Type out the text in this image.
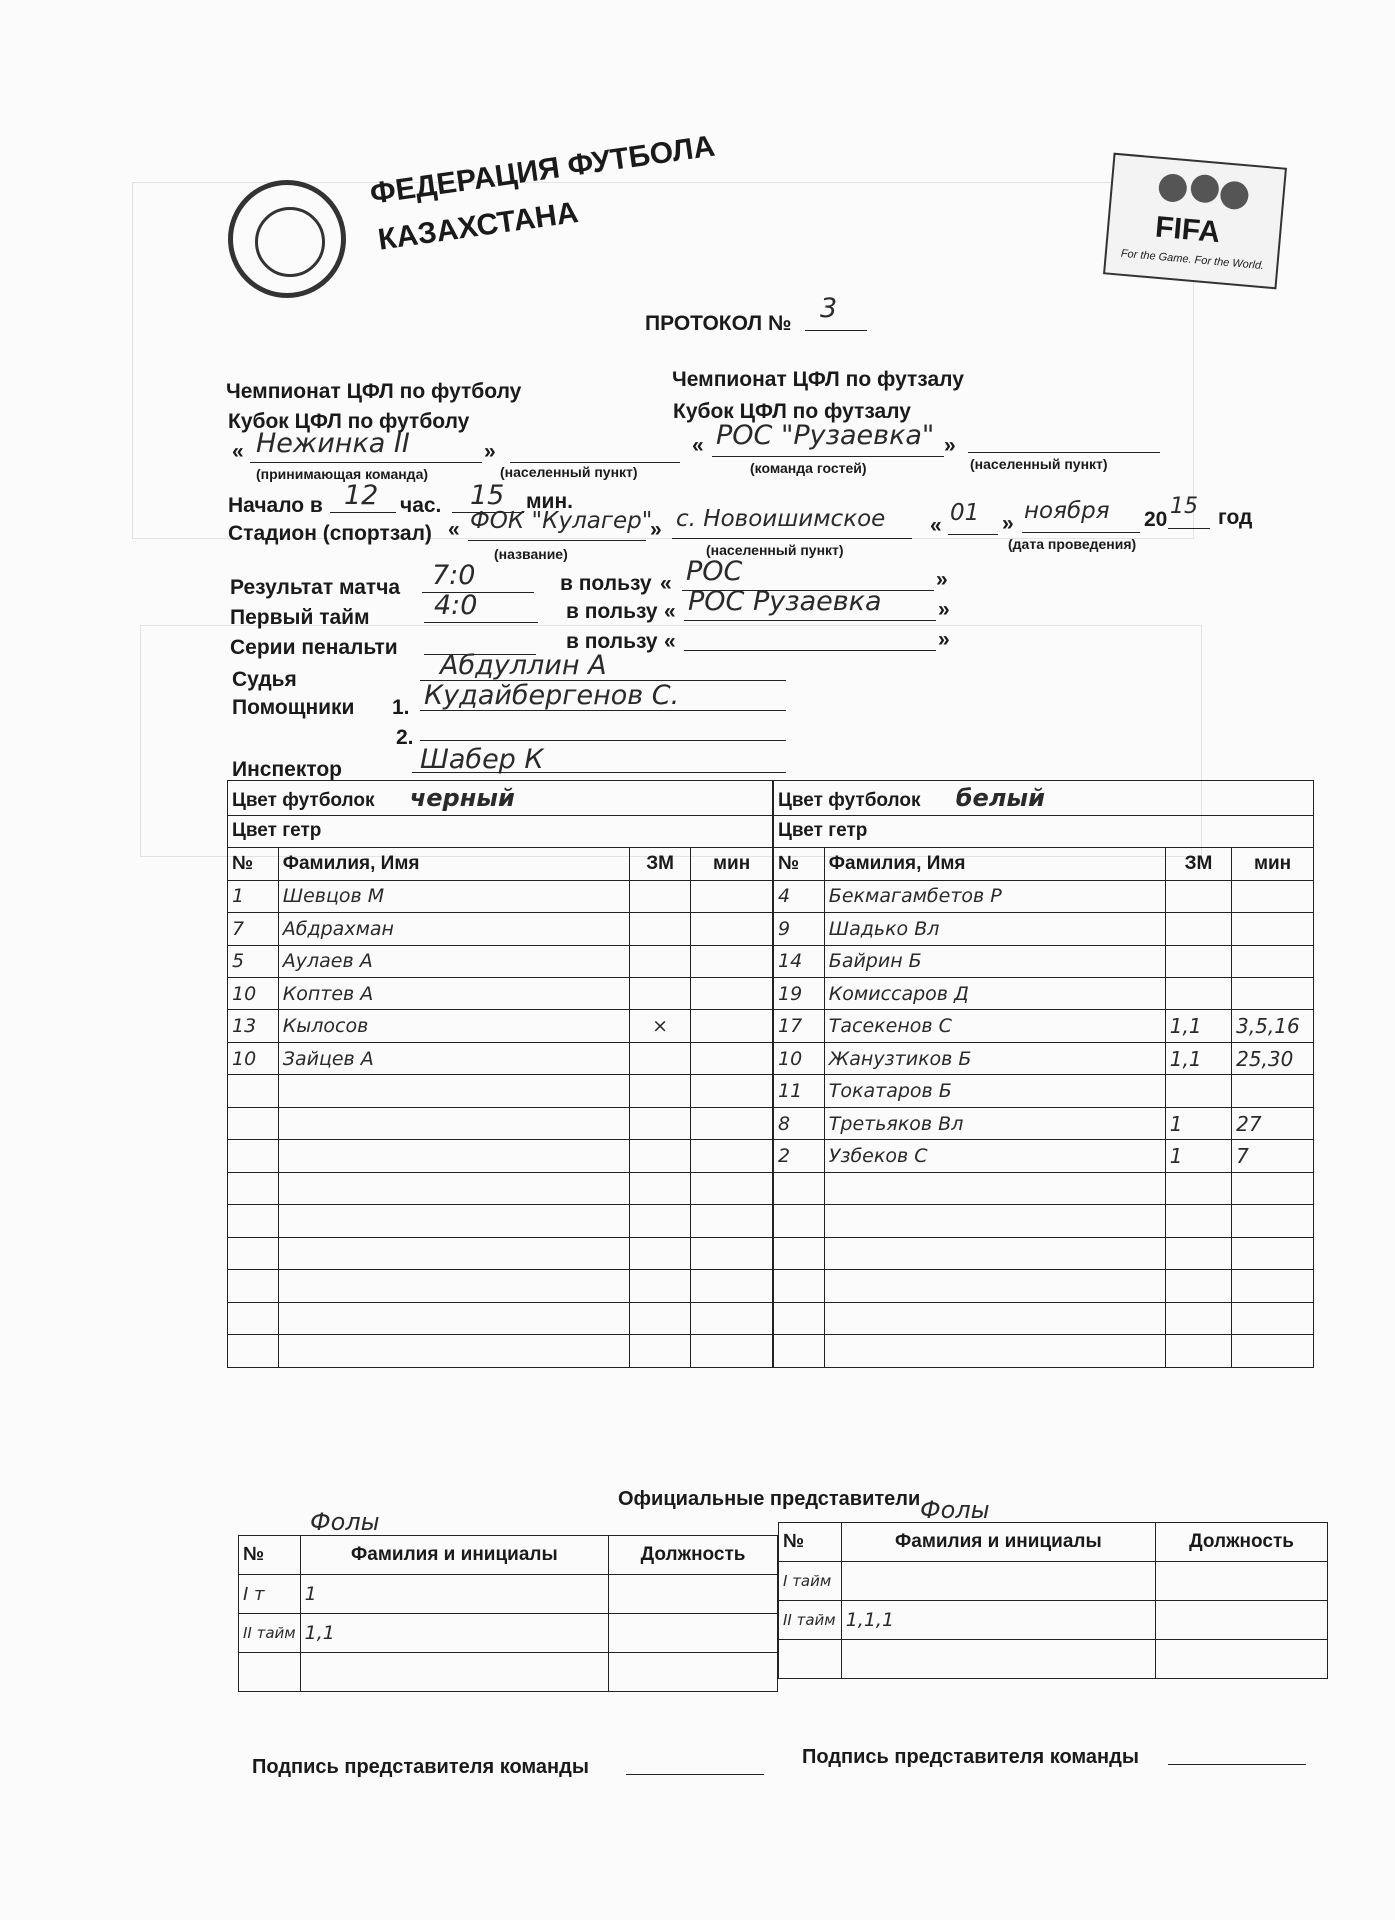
ФЕДЕРАЦИЯ ФУТБОЛА
КАЗАХСТАНА	FIFA
For the Game. For the World.
ПРОТОКОЛ № 3
Чемпионат ЦФЛ по футболу
Кубок ЦФЛ по футболу
Чемпионат ЦФЛ по футзалу
Кубок ЦФЛ по футзалу
« Нежинка II	»	« РОС "Рузаевка" »
(принимающая команда)	(населенный пункт)	(команда гостей)	(населенный пункт)
Начало в 12 час. 15 мин.
Стадион (спортзал) « ФОК "Кулагер"
» с. Новоишимское « 01 » ноября 20
15 год
(название)	(населенный пункт)	(дата проведения)
Результат матча 7:0	в пользу « РОС	»
Первый тайм 4:0	в пользу « РОС Рузаевка	»
Серии пенальти	в пользу «	»
Судья	Абдуллин А
Помощники 1. Кудайбергенов С.
2.
Инспектор	Шабер К
Цвет футболок черный			
Цвет гетр			
№	Фамилия, Имя	ЗМ	мин
1	Шевцов М		
7	Абдрахман		
5	Аулаев А		
10	Коптев А		
13	Кылосов	×	
10	Зайцев А		

Цвет футболок белый			
Цвет гетр			
№	Фамилия, Имя	ЗМ	мин
4	Бекмагамбетов Р		
9	Шадько Вл		
14	Байрин Б		
19	Комиссаров Д		
17	Тасекенов С	1,1	3,5,16
10	Жанузтиков Б	1,1	25,30
11	Токатаров Б		
8	Третьяков Вл	1	27
2	Узбеков С	1	7

Официальные представители
Фолы	Фолы
№	Фамилия и инициалы	Должность
I т	1	
II тайм	1,1	

№	Фамилия и инициалы	Должность
I тайм		
II тайм	1,1,1	

Подпись представителя команды	Подпись представителя команды
